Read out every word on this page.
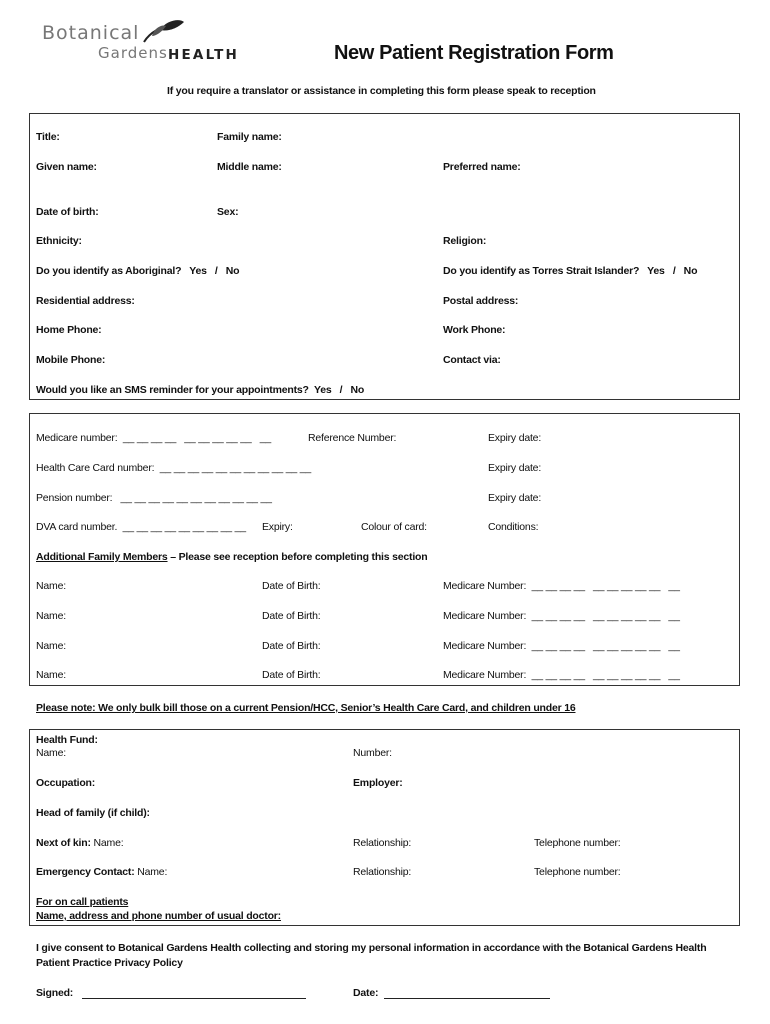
Botanical
Gardens HEALTH	New Patient Registration Form
If you require a translator or assistance in completing this form please speak to reception
Title:	Family name:
Given name:	Middle name:	Preferred name:
Date of birth:	Sex:
Ethnicity:	Religion:
Do you identify as Aboriginal?   Yes   /   No	Do you identify as Torres Strait Islander?   Yes   /   No
Residential address:	Postal address:
Home Phone:	Work Phone:
Mobile Phone:	Contact via:
Would you like an SMS reminder for your appointments?  Yes   /   No
Medicare number:  __ __ __ __   __ __ __ __ __   __	Reference Number:	Expiry date:
Health Care Card number:  __ __ __ __ __ __ __ __ __ __ __	Expiry date:
Pension number:   __ __ __ __ __ __ __ __ __ __ __	Expiry date:
DVA card number.  __ __ __ __ __ __ __ __ __ Expiry:	Colour of card:	Conditions:
Additional Family Members – Please see reception before completing this section
Name:	Date of Birth:	Medicare Number:  __ __ __ __   __ __ __ __ __   __
Name:	Date of Birth:	Medicare Number:  __ __ __ __   __ __ __ __ __   __
Name:	Date of Birth:	Medicare Number:  __ __ __ __   __ __ __ __ __   __
Name:	Date of Birth:	Medicare Number:  __ __ __ __   __ __ __ __ __   __
Please note: We only bulk bill those on a current Pension/HCC, Senior’s Health Care Card, and children under 16
Health Fund:
Name:	Number:
Occupation:	Employer:
Head of family (if child):
Next of kin: Name:	Relationship:	Telephone number:
Emergency Contact: Name:	Relationship:	Telephone number:
For on call patients
Name, address and phone number of usual doctor:
I give consent to Botanical Gardens Health collecting and storing my personal information in accordance with the Botanical Gardens Health
Patient Practice Privacy Policy
Signed:	Date:
